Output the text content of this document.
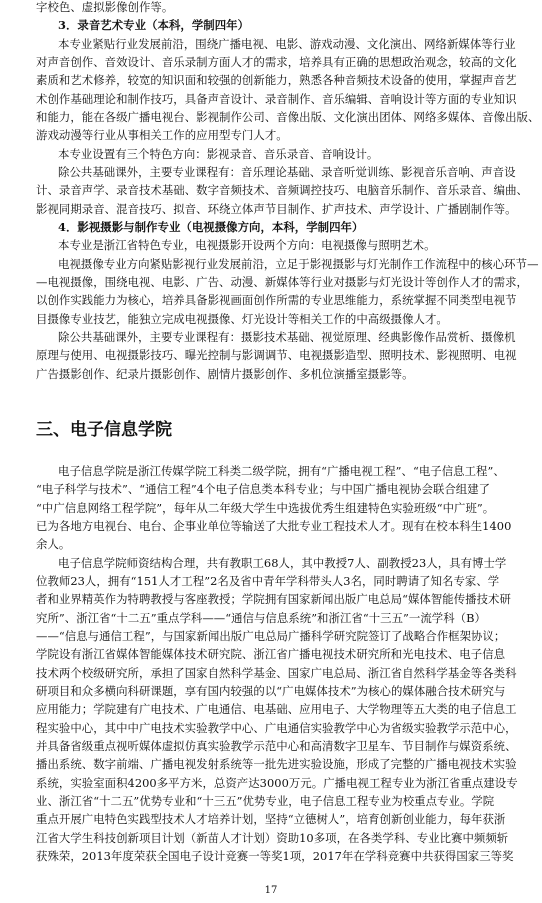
字校色、虚拟影像创作等。
3．录音艺术专业（本科，学制四年）
本专业紧贴行业发展前沿，围绕广播电视、电影、游戏动漫、文化演出、网络新媒体等行业
对声音创作、音效设计、音乐录制方面人才的需求，培养具有正确的思想政治观念，较高的文化
素质和艺术修养，较宽的知识面和较强的创新能力，熟悉各种音频技术设备的使用，掌握声音艺
术创作基础理论和制作技巧，具备声音设计、录音制作、音乐编辑、音响设计等方面的专业知识
和能力，能在各级广播电视台、影视制作公司、音像出版、文化演出团体、网络多媒体、音像出版、
游戏动漫等行业从事相关工作的应用型专门人才。
本专业设置有三个特色方向：影视录音、音乐录音、音响设计。
除公共基础课外，主要专业课程有：音乐理论基础、录音听觉训练、影视音乐音响、声音设
计、录音声学、录音技术基础、数字音频技术、音频调控技巧、电脑音乐制作、音乐录音、编曲、
影视同期录音、混音技巧、拟音、环绕立体声节目制作、扩声技术、声学设计、广播剧制作等。
4．影视摄影与制作专业（电视摄像方向，本科，学制四年）
本专业是浙江省特色专业，电视摄影开设两个方向：电视摄像与照明艺术。
电视摄像专业方向紧贴影视行业发展前沿，立足于影视摄影与灯光制作工作流程中的核心环节—
—电视摄像，围绕电视、电影、广告、动漫、新媒体等行业对摄影与灯光设计等创作人才的需求，
以创作实践能力为核心，培养具备影视画面创作所需的专业思维能力，系统掌握不同类型电视节
目摄像专业技艺，能独立完成电视摄像、灯光设计等相关工作的中高级摄像人才。
除公共基础课外，主要专业课程有：摄影技术基础、视觉原理、经典影像作品赏析、摄像机
原理与使用、电视摄影技巧、曝光控制与影调调节、电视摄影造型、照明技术、影视照明、电视
广告摄影创作、纪录片摄影创作、剧情片摄影创作、多机位演播室摄影等。
三、电子信息学院
电子信息学院是浙江传媒学院工科类二级学院，拥有“广播电视工程”、“电子信息工程”、
“电子科学与技术”、“通信工程”4个电子信息类本科专业；与中国广播电视协会联合组建了
“中广信息网络工程学院”，每年从二年级大学生中选拔优秀生组建特色实验班级“中广班”。
已为各地方电视台、电台、企事业单位等输送了大批专业工程技术人才。现有在校本科生1400
余人。
电子信息学院师资结构合理，共有教职工68人，其中教授7人、副教授23人，具有博士学
位教师23人，拥有“151人才工程”2名及省中青年学科带头人3名，同时聘请了知名专家、学
者和业界精英作为特聘教授与客座教授；学院拥有国家新闻出版广电总局“媒体智能传播技术研
究所”、浙江省“十二五”重点学科——“通信与信息系统”和浙江省“十三五”一流学科（B）
——“信息与通信工程”，与国家新闻出版广电总局广播科学研究院签订了战略合作框架协议；
学院设有浙江省媒体智能媒体技术研究院、浙江省广播电视技术研究所和光电技术、电子信息
技术两个校级研究所，承担了国家自然科学基金、国家广电总局、浙江省自然科学基金等各类科
研项目和众多横向科研课题，享有国内较强的以“广电媒体技术”为核心的媒体融合技术研究与
应用能力；学院建有广电技术、广电通信、电基础、应用电子、大学物理等五大类的电子信息工
程实验中心，其中中广电技术实验教学中心、广电通信实验教学中心为省级实验教学示范中心，
并具备省级重点视听媒体虚拟仿真实验教学示范中心和高清数字卫星车、节目制作与媒资系统、
播出系统、数字前端、广播电视发射系统等一批先进实验设施，形成了完整的广播电视技术实验
系统，实验室面积4200多平方米，总资产达3000万元。广播电视工程专业为浙江省重点建设专
业、浙江省“十二五”优势专业和“十三五”优势专业，电子信息工程专业为校重点专业。学院
重点开展广电特色实践型技术人才培养计划，坚持“立德树人”，培育创新创业能力，每年获浙
江省大学生科技创新项目计划（新苗人才计划）资助10多项，在各类学科、专业比赛中频频斩
获殊荣，2013年度荣获全国电子设计竞赛一等奖1项，2017年在学科竞赛中共获得国家三等奖
17
